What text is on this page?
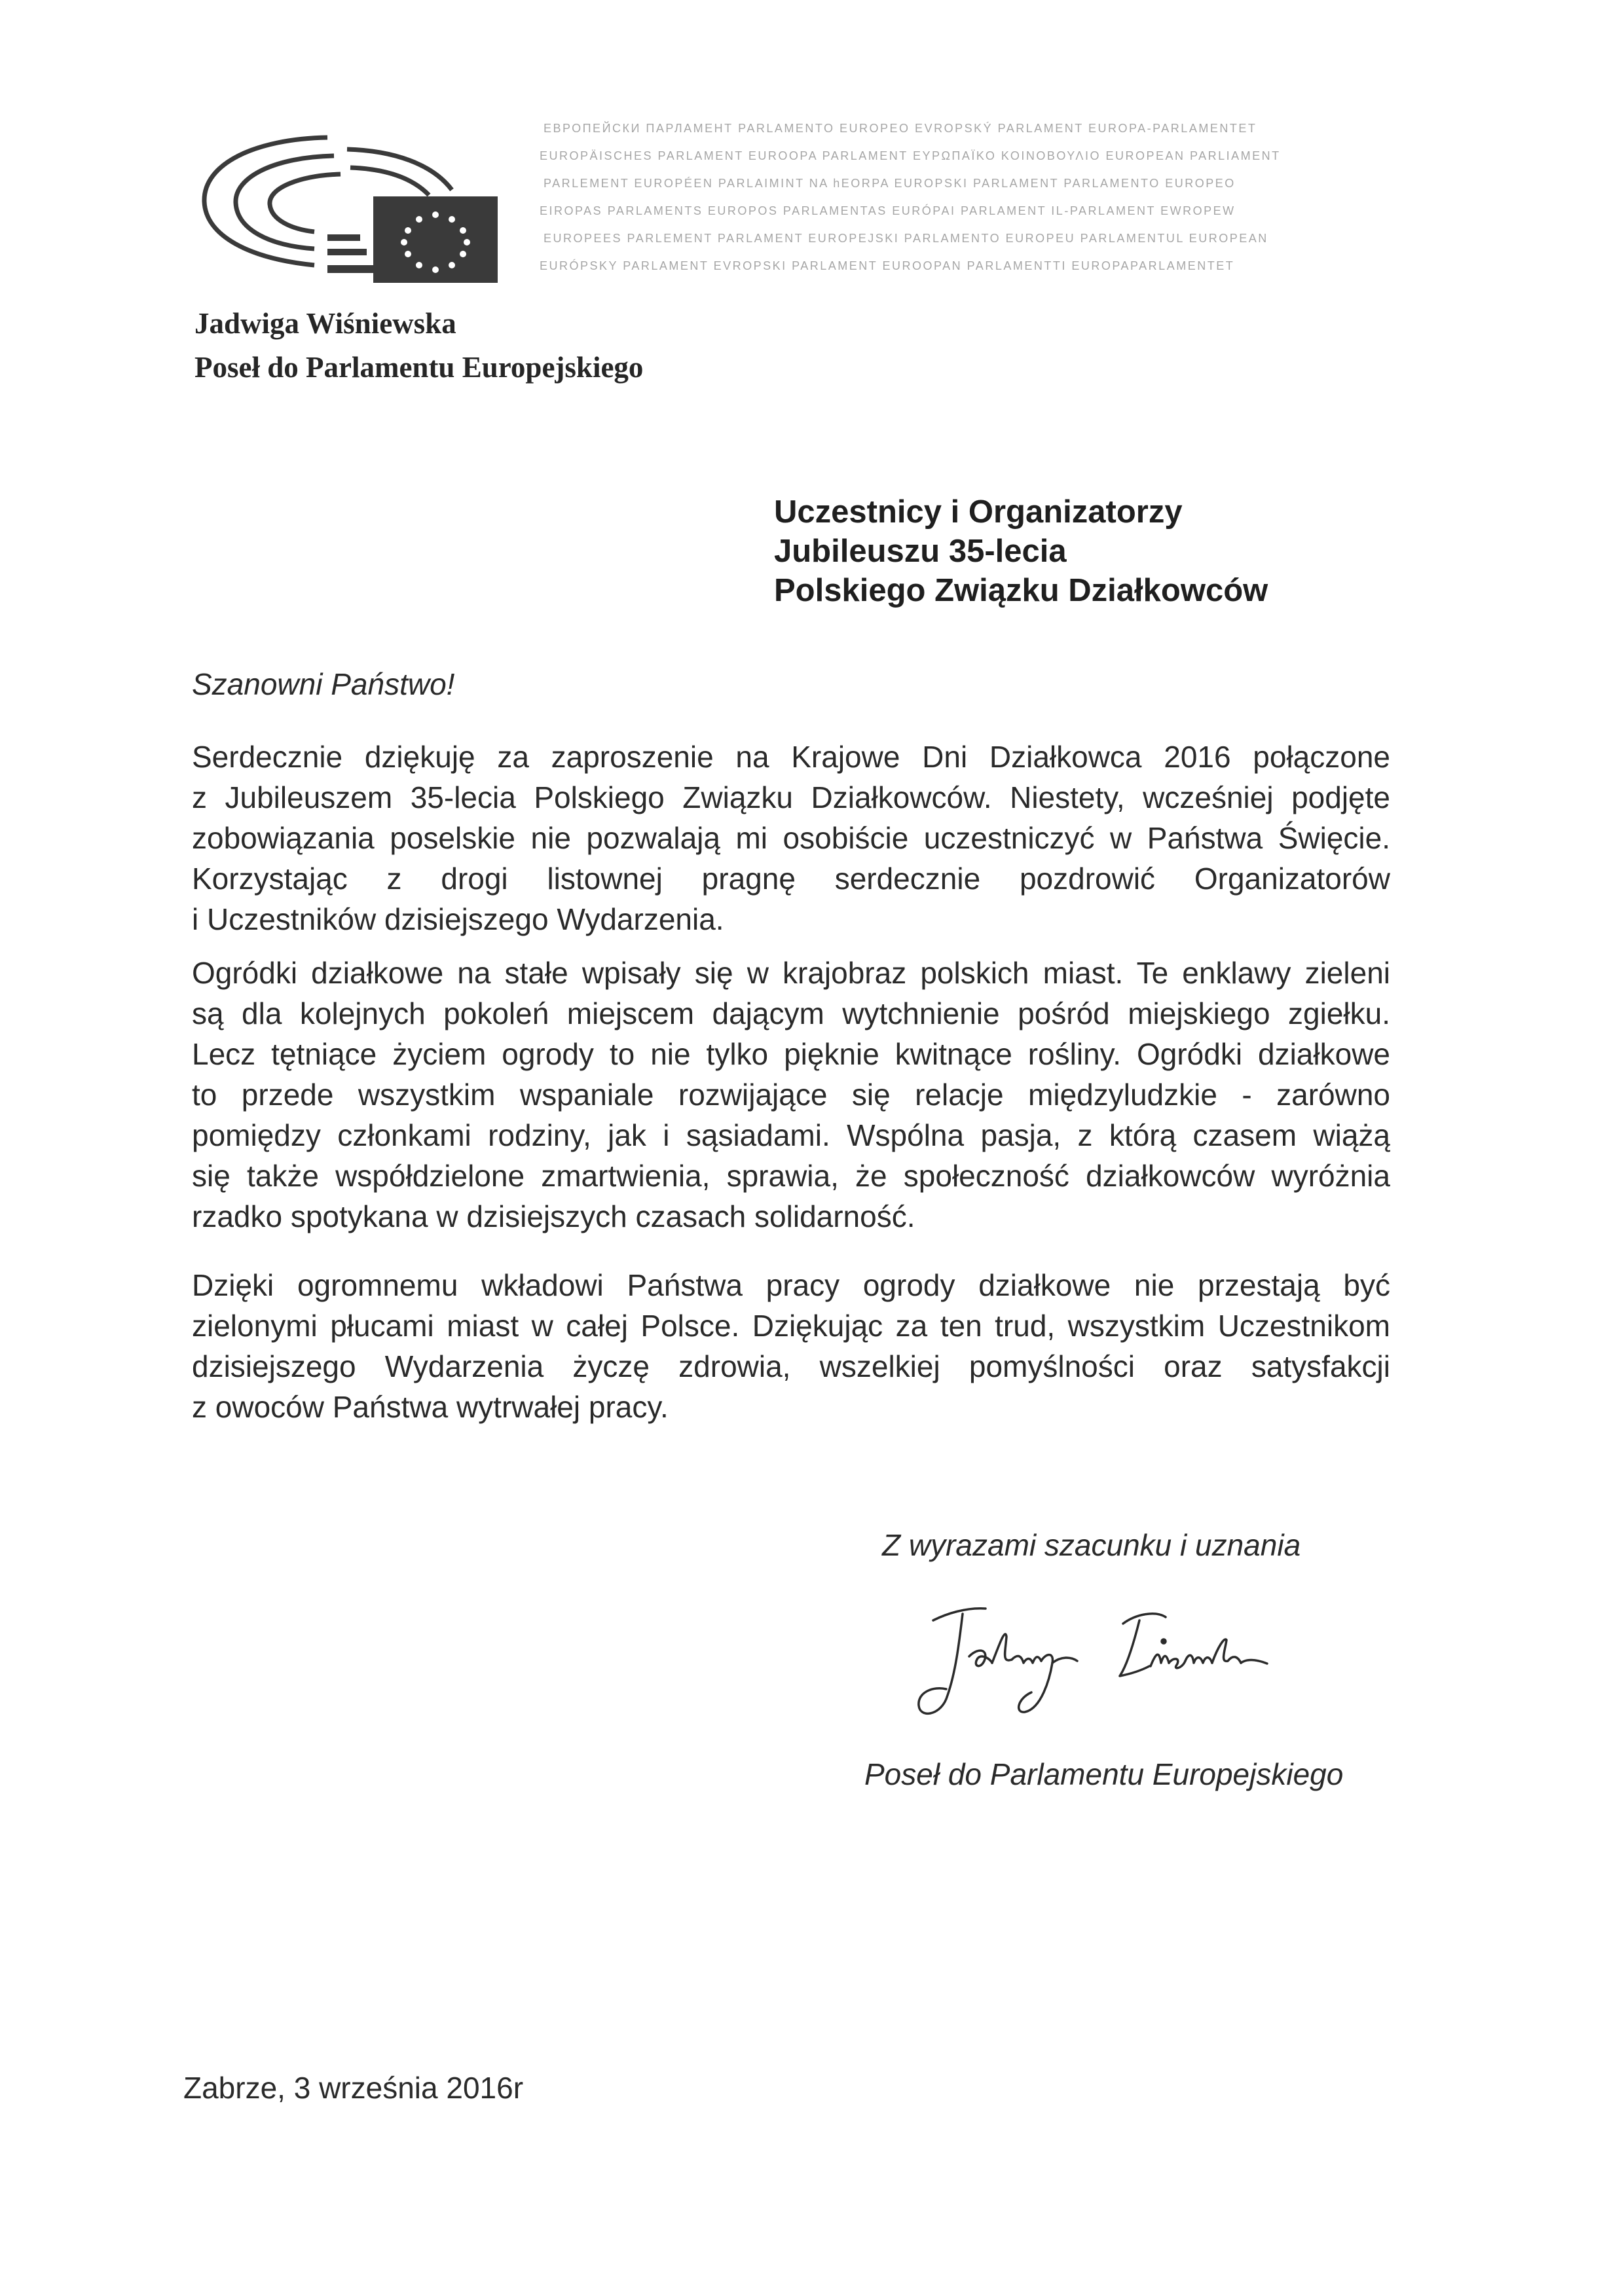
ЕВРОПЕЙСКИ ПАРЛАМЕНТ PARLAMENTO EUROPEO EVROPSKÝ PARLAMENT EUROPA-PARLAMENTET
EUROPÄISCHES PARLAMENT EUROOPA PARLAMENT ΕΥΡΩΠΑΪΚΟ ΚΟΙΝΟΒΟΥΛΙΟ EUROPEAN PARLIAMENT
PARLEMENT EUROPÉEN PARLAIMINT NA hEORPA EUROPSKI PARLAMENT PARLAMENTO EUROPEO
EIROPAS PARLAMENTS EUROPOS PARLAMENTAS EURÓPAI PARLAMENT IL-PARLAMENT EWROPEW
EUROPEES PARLEMENT PARLAMENT EUROPEJSKI PARLAMENTO EUROPEU PARLAMENTUL EUROPEAN
EURÓPSKY PARLAMENT EVROPSKI PARLAMENT EUROOPAN PARLAMENTTI EUROPAPARLAMENTET
Jadwiga Wiśniewska
Poseł do Parlamentu Europejskiego
Uczestnicy i Organizatorzy
Jubileuszu 35-lecia
Polskiego Związku Działkowców
Szanowni Państwo!
Serdecznie dziękuję za zaproszenie na Krajowe Dni Działkowca 2016 połączone
z Jubileuszem 35-lecia Polskiego Związku Działkowców. Niestety, wcześniej podjęte
zobowiązania poselskie nie pozwalają mi osobiście uczestniczyć w Państwa Święcie.
Korzystając z drogi listownej pragnę serdecznie pozdrowić Organizatorów
i Uczestników dzisiejszego Wydarzenia.
Ogródki działkowe na stałe wpisały się w krajobraz polskich miast. Te enklawy zieleni
są dla kolejnych pokoleń miejscem dającym wytchnienie pośród miejskiego zgiełku.
Lecz tętniące życiem ogrody to nie tylko pięknie kwitnące rośliny. Ogródki działkowe
to przede wszystkim wspaniale rozwijające się relacje międzyludzkie - zarówno
pomiędzy członkami rodziny, jak i sąsiadami. Wspólna pasja, z którą czasem wiążą
się także współdzielone zmartwienia, sprawia, że społeczność działkowców wyróżnia
rzadko spotykana w dzisiejszych czasach solidarność.
Dzięki ogromnemu wkładowi Państwa pracy ogrody działkowe nie przestają być
zielonymi płucami miast w całej Polsce. Dziękując za ten trud, wszystkim Uczestnikom
dzisiejszego Wydarzenia życzę zdrowia, wszelkiej pomyślności oraz satysfakcji
z owoców Państwa wytrwałej pracy.
Z wyrazami szacunku i uznania
Poseł do Parlamentu Europejskiego
Zabrze, 3 września 2016r
